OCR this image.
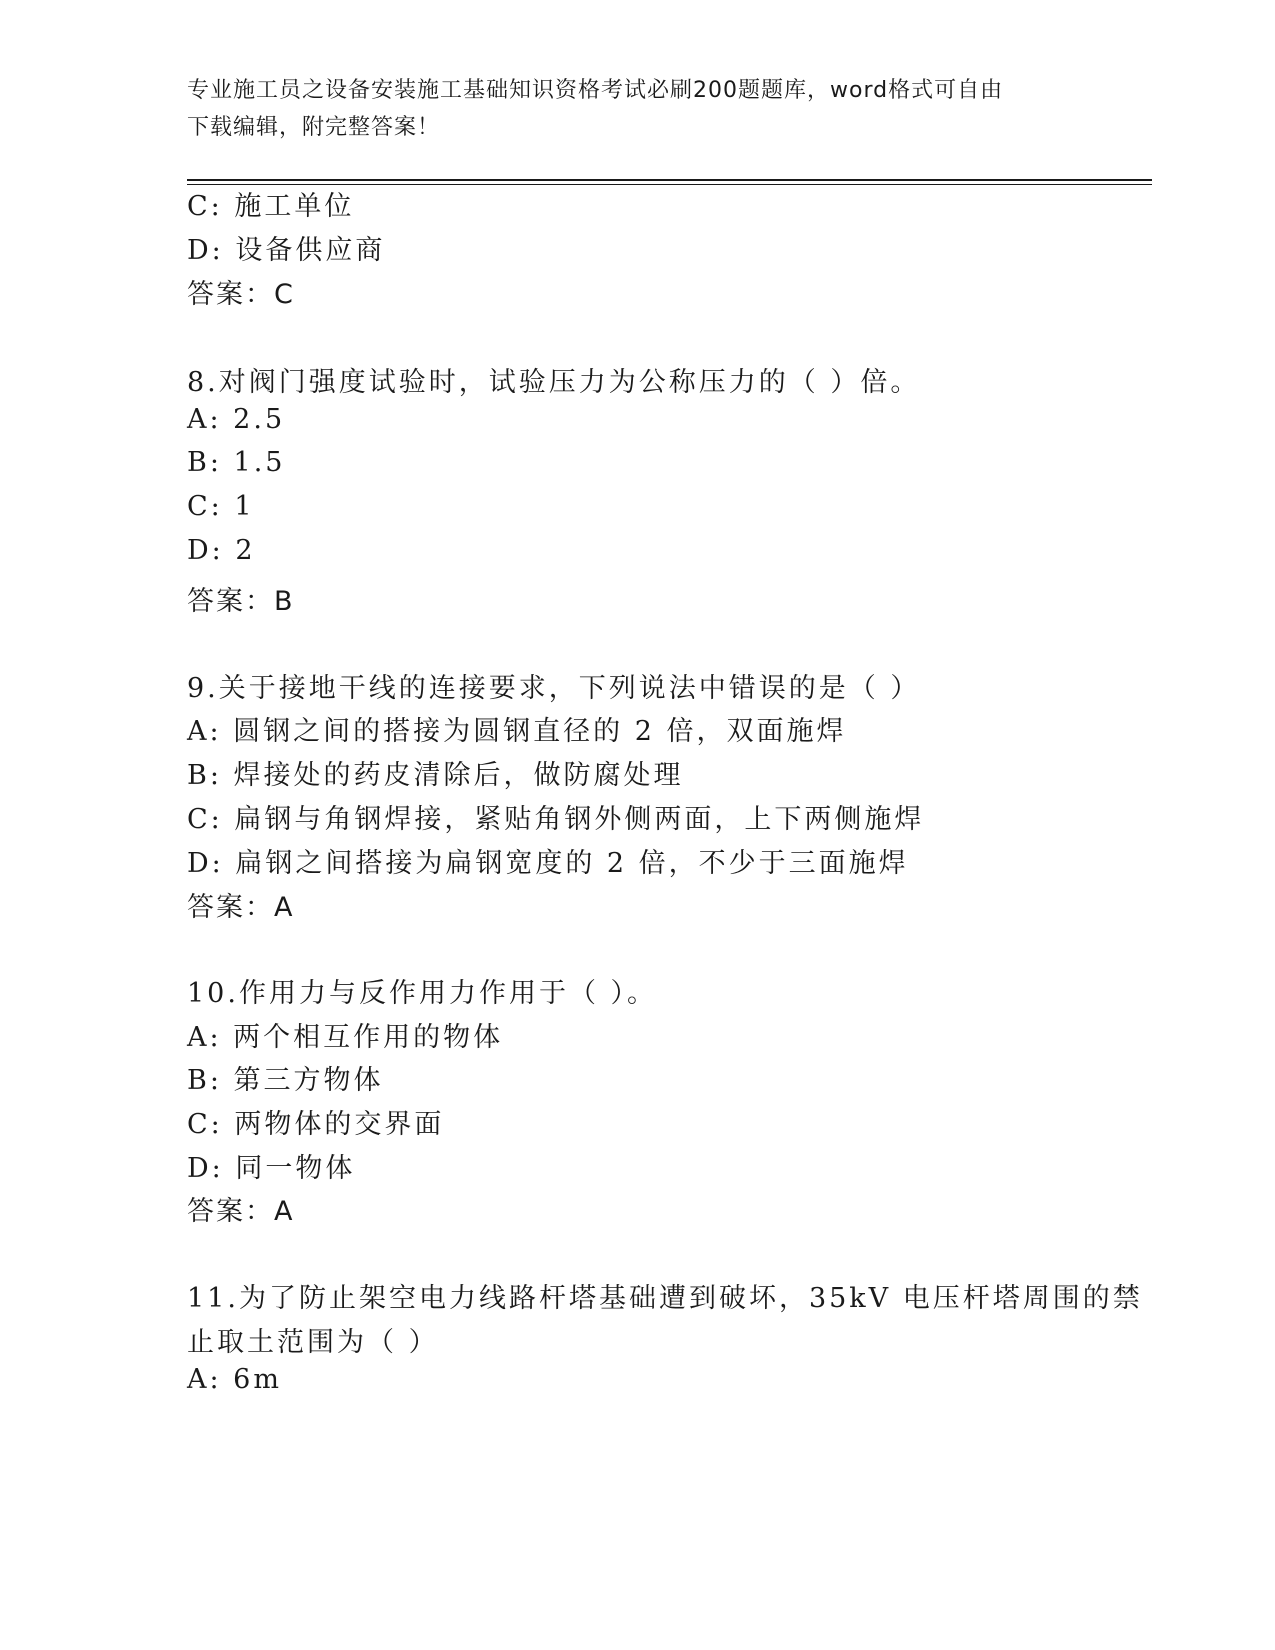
专业施工员之设备安装施工基础知识资格考试必刷200题题库，word格式可自由
下载编辑，附完整答案！
C: 施工单位
D: 设备供应商
答案：C
8.对阀门强度试验时，试验压力为公称压力的（ ）倍。
A: 2.5
B: 1.5
C: 1
D: 2
答案：B
9.关于接地干线的连接要求，下列说法中错误的是（ ）
A: 圆钢之间的搭接为圆钢直径的 2 倍，双面施焊
B: 焊接处的药皮清除后，做防腐处理
C: 扁钢与角钢焊接，紧贴角钢外侧两面，上下两侧施焊
D: 扁钢之间搭接为扁钢宽度的 2 倍，不少于三面施焊
答案：A
10.作用力与反作用力作用于（ ）。
A: 两个相互作用的物体
B: 第三方物体
C: 两物体的交界面
D: 同一物体
答案：A
11.为了防止架空电力线路杆塔基础遭到破坏，35kV 电压杆塔周围的禁
止取土范围为（ ）
A: 6m
